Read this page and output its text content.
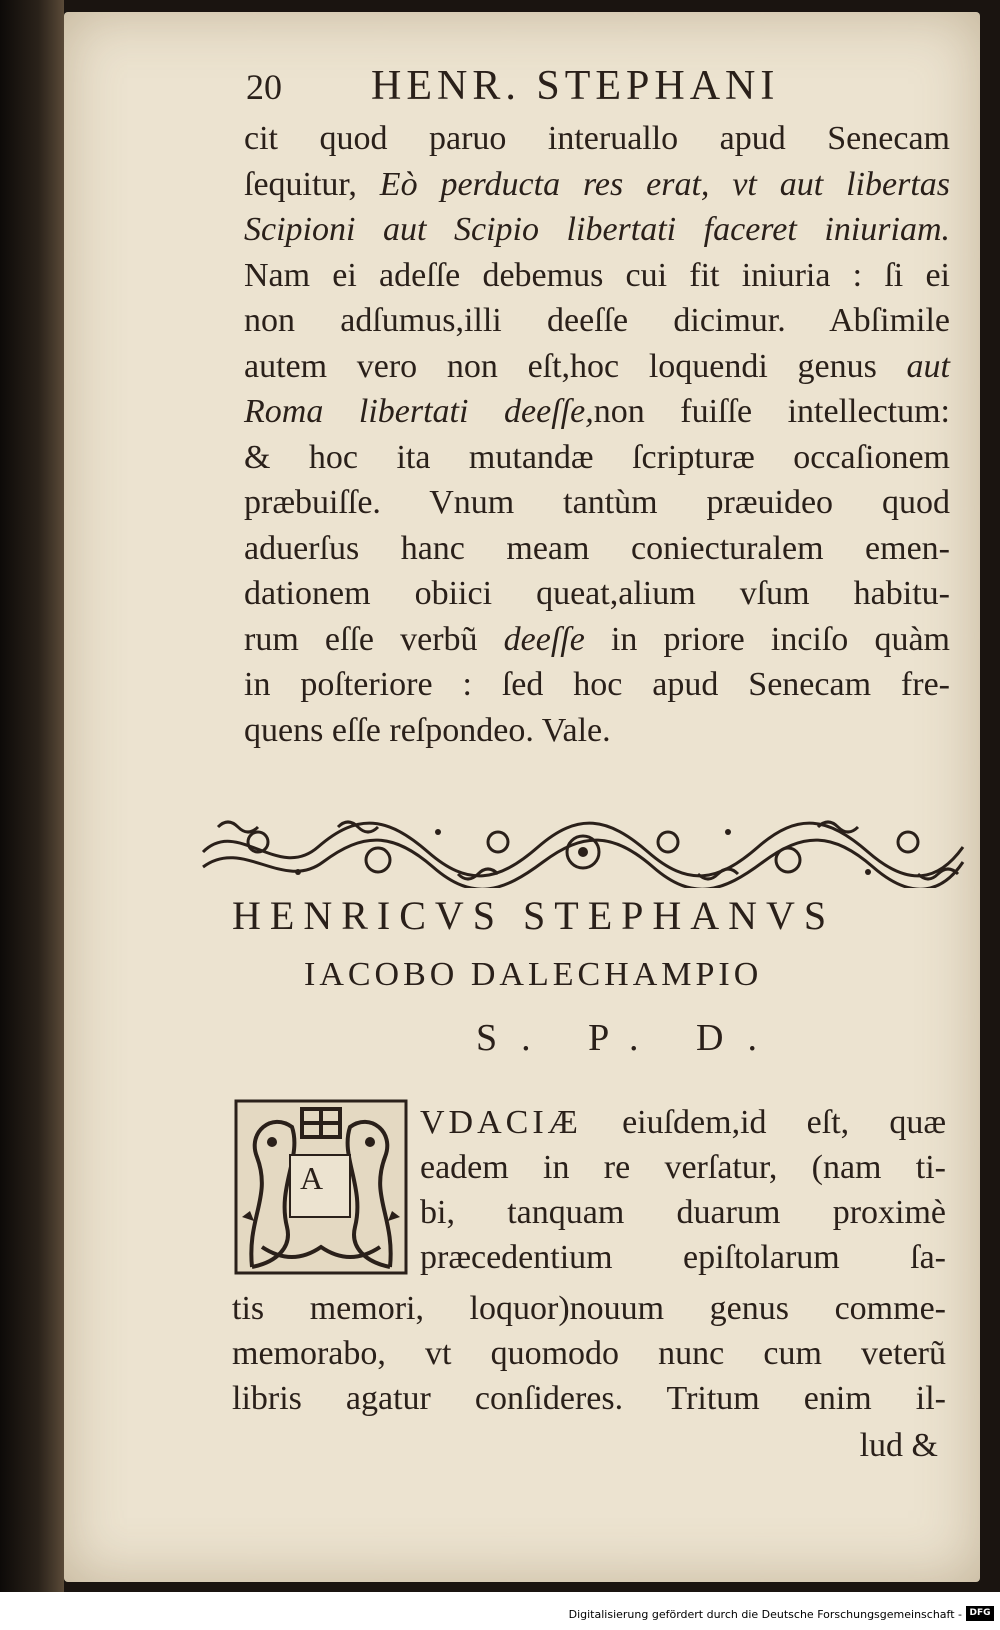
20 HENR. STEPHANI
cit quod paruo interuallo apud Senecam
ſequitur, Eò perducta res erat, vt aut libertas
Scipioni aut Scipio libertati faceret iniuriam.
Nam ei adeſſe debemus cui fit iniuria : ſi ei
non adſumus,illi deeſſe dicimur. Abſimile
autem vero non eſt,hoc loquendi genus aut
Roma libertati deeſſe,non fuiſſe intellectum:
& hoc ita mutandæ ſcripturæ occaſionem
præbuiſſe. Vnum tantùm præuideo quod
aduerſus hanc meam coniecturalem emen-
dationem obiici queat,alium vſum habitu-
rum eſſe verbũ deeſſe in priore inciſo quàm
in poſteriore : ſed hoc apud Senecam fre-
quens eſſe reſpondeo. Vale.
HENRICVS STEPHANVS
IACOBO DALECHAMPIO
S. P. D.
A
VDACIÆ eiuſdem,id eſt, quæ
eadem in re verſatur, (nam ti-
bi, tanquam duarum proximè
præcedentium epiſtolarum ſa-
tis memori, loquor)nouum genus comme-
memorabo, vt quomodo nunc cum veterũ
libris agatur conſideres. Tritum enim il-
lud &
Digitalisierung gefördert durch die Deutsche Forschungsgemeinschaft - DFG
